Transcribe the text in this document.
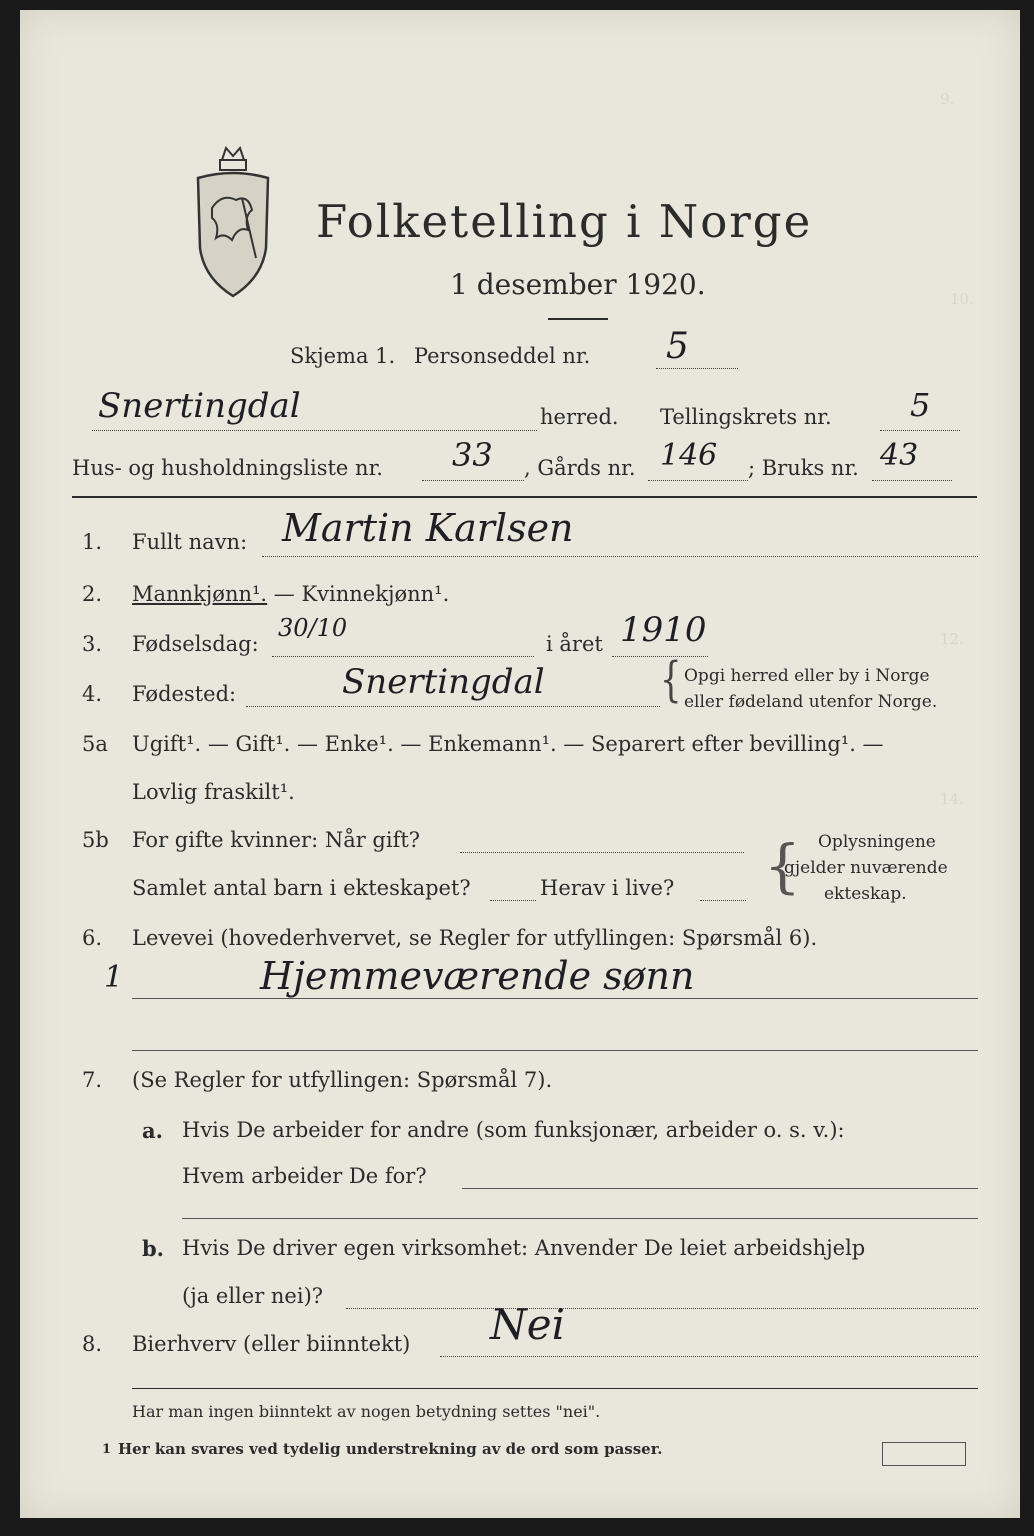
9.
10.
12.
14.
Folketelling i Norge
1 desember 1920.
Skjema 1. Personseddel nr. 5
Snertingdal	herred. Tellingskrets nr. 5
Hus- og husholdningsliste nr. 33 , Gårds nr. 146 ; Bruks nr. 43
1. Fullt navn: Martin Karlsen
2. Mannkjønn¹. — Kvinnekjønn¹.
3. Fødselsdag:
30/10
i året 1910
4. Fødested:	Snertingdal	{ Opgi herred eller by i Norge
eller fødeland utenfor Norge.
5a Ugift¹. — Gift¹. — Enke¹. — Enkemann¹. — Separert efter bevilling¹. —
Lovlig fraskilt¹.
5b For gifte kvinner: Når gift?
Samlet antal barn i ekteskapet?	Herav i live? { Oplysningene
gjelder nuværende
ekteskap.
6. Levevei (hovederhvervet, se Regler for utfyllingen: Spørsmål 6).
1	Hjemmeværende sønn
7. (Se Regler for utfyllingen: Spørsmål 7).
a. Hvis De arbeider for andre (som funksjonær, arbeider o. s. v.):
Hvem arbeider De for?
b. Hvis De driver egen virksomhet: Anvender De leiet arbeidshjelp
(ja eller nei)?
8. Bierhverv (eller biinntekt) Nei
Har man ingen biinntekt av nogen betydning settes "nei".
1 Her kan svares ved tydelig understrekning av de ord som passer.
